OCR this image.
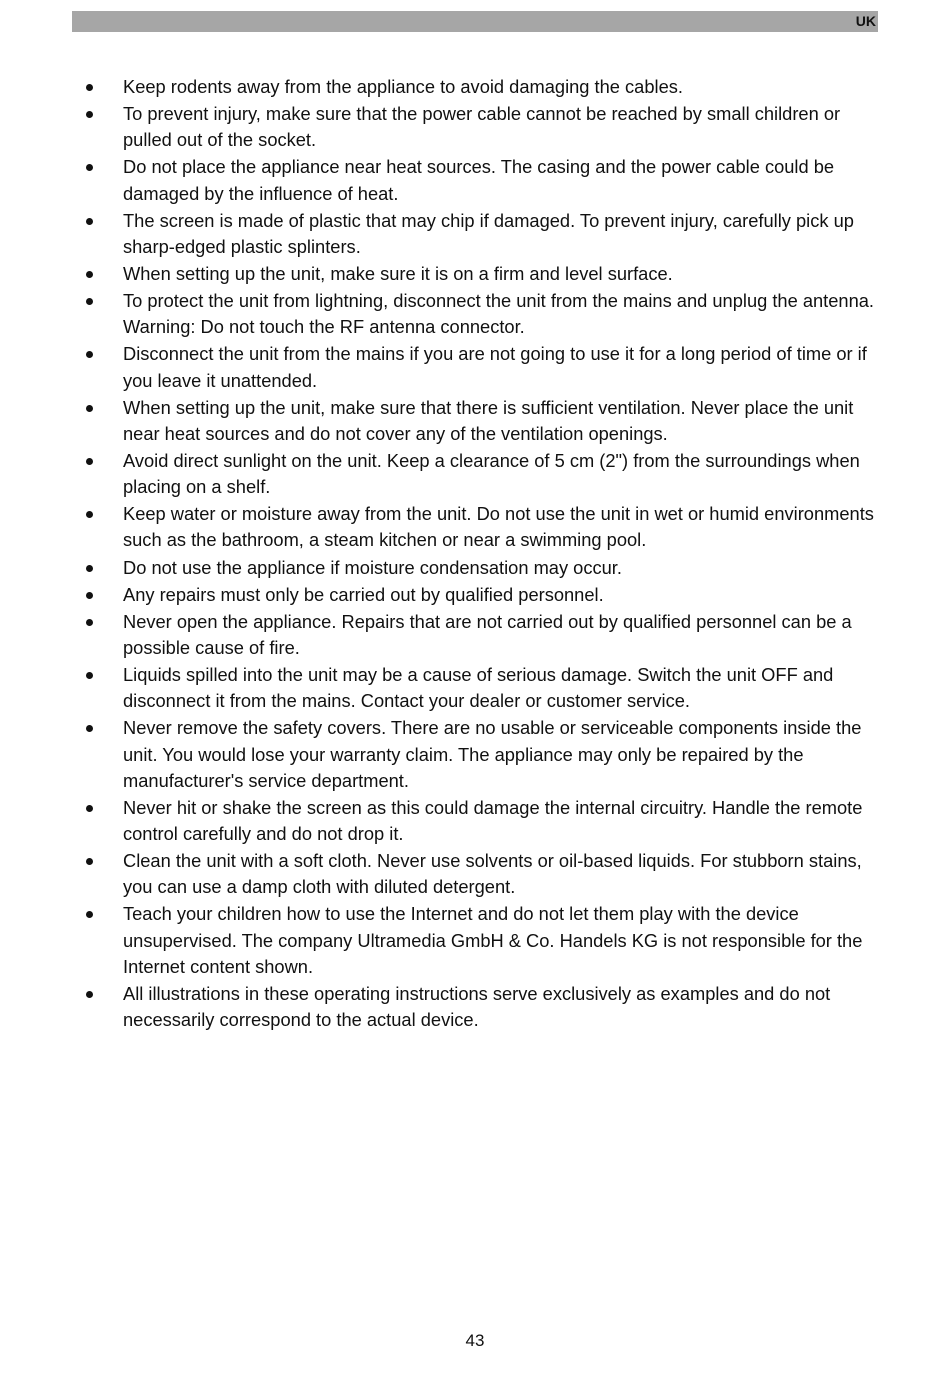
UK
Keep rodents away from the appliance to avoid damaging the cables.
To prevent injury, make sure that the power cable cannot be reached by small children or pulled out of the socket.
Do not place the appliance near heat sources. The casing and the power cable could be damaged by the influence of heat.
The screen is made of plastic that may chip if damaged. To prevent injury, carefully pick up sharp-edged plastic splinters.
When setting up the unit, make sure it is on a firm and level surface.
To protect the unit from lightning, disconnect the unit from the mains and unplug the antenna. Warning: Do not touch the RF antenna connector.
Disconnect the unit from the mains if you are not going to use it for a long period of time or if you leave it unattended.
When setting up the unit, make sure that there is sufficient ventilation. Never place the unit near heat sources and do not cover any of the ventilation openings.
Avoid direct sunlight on the unit. Keep a clearance of 5 cm (2") from the surroundings when placing on a shelf.
Keep water or moisture away from the unit. Do not use the unit in wet or humid environments such as the bathroom, a steam kitchen or near a swimming pool.
Do not use the appliance if moisture condensation may occur.
Any repairs must only be carried out by qualified personnel.
Never open the appliance. Repairs that are not carried out by qualified personnel can be a possible cause of fire.
Liquids spilled into the unit may be a cause of serious damage. Switch the unit OFF and disconnect it from the mains. Contact your dealer or customer service.
Never remove the safety covers. There are no usable or serviceable components inside the unit. You would lose your warranty claim. The appliance may only be repaired by the manufacturer's service department.
Never hit or shake the screen as this could damage the internal circuitry. Handle the remote control carefully and do not drop it.
Clean the unit with a soft cloth. Never use solvents or oil-based liquids. For stubborn stains, you can use a damp cloth with diluted detergent.
Teach your children how to use the Internet and do not let them play with the device unsupervised. The company Ultramedia GmbH & Co. Handels KG is not responsible for the Internet content shown.
All illustrations in these operating instructions serve exclusively as examples and do not necessarily correspond to the actual device.
43
